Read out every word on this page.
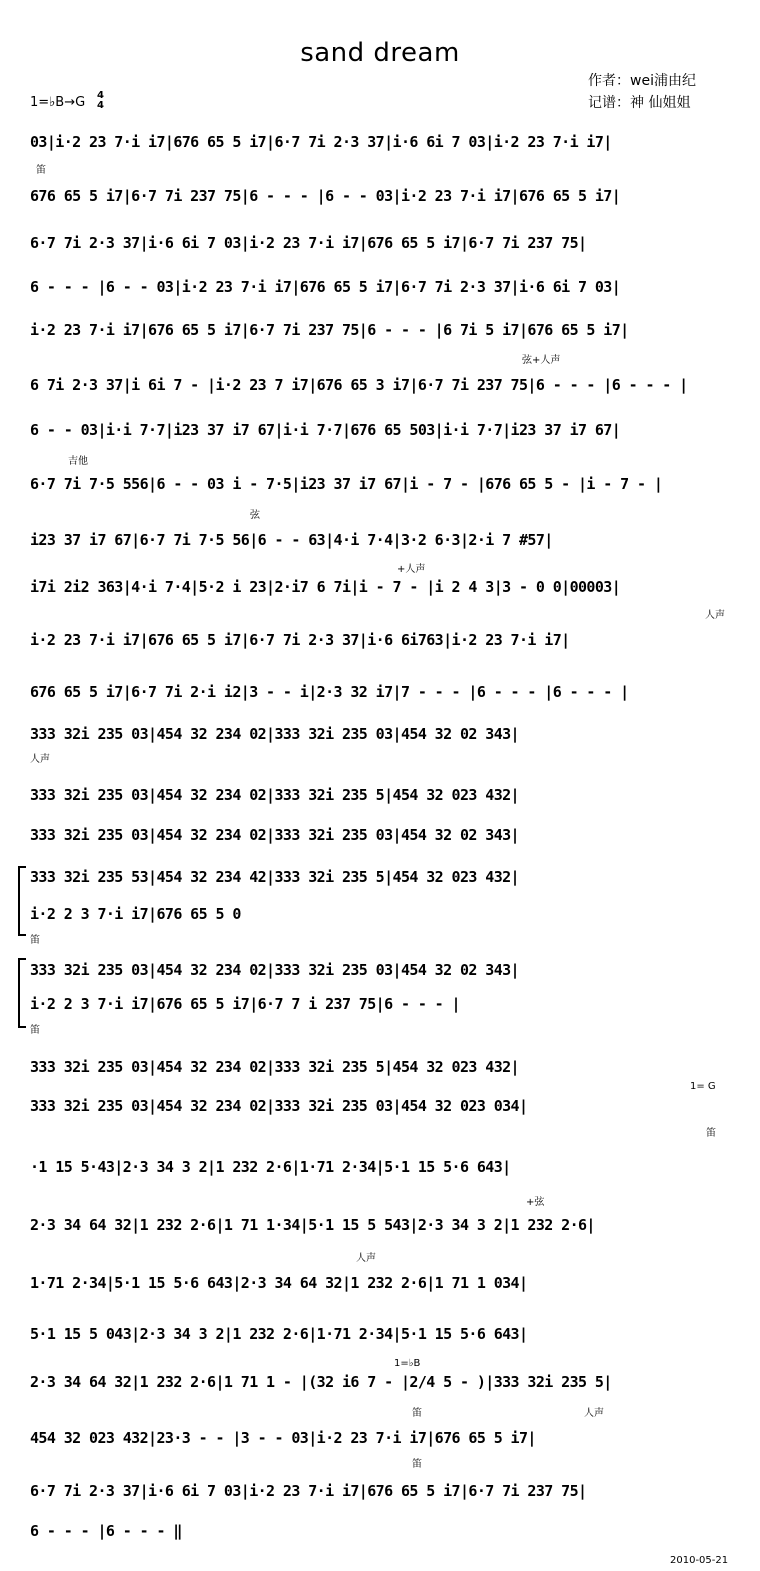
sand dream
作者：wei浦由纪
记谱：神 仙姐姐
1=♭B→G 4
4
03|i·2 23 7·i i7|676 65 5 i7|6·7 7i 2·3 37|i·6 6i 7 03|i·2 23 7·i i7|
676 65 5 i7|6·7 7i 237 75|6 - - - |6 - - 03|i·2 23 7·i i7|676 65 5 i7|
6·7 7i 2·3 37|i·6 6i 7 03|i·2 23 7·i i7|676 65 5 i7|6·7 7i 237 75|
6 - - - |6 - - 03|i·2 23 7·i i7|676 65 5 i7|6·7 7i 2·3 37|i·6 6i 7 03|
i·2 23 7·i i7|676 65 5 i7|6·7 7i 237 75|6 - - - |6 7i 5 i7|676 65 5 i7|
6 7i 2·3 37|i 6i 7 - |i·2 23 7 i7|676 65 3 i7|6·7 7i 237 75|6 - - - |6 - - - |
6 - - 03|i·i 7·7|i23 37 i7 67|i·i 7·7|676 65 503|i·i 7·7|i23 37 i7 67|
6·7 7i 7·5 556|6 - - 03 i - 7·5|i23 37 i7 67|i - 7 - |676 65 5 - |i - 7 - |
i23 37 i7 67|6·7 7i 7·5 56|6 - - 63|4·i 7·4|3·2 6·3|2·i 7 #57|
i7i 2i2 363|4·i 7·4|5·2 i 23|2·i7 6 7i|i - 7 - |i 2 4 3|3 - 0 0|00003|
i·2 23 7·i i7|676 65 5 i7|6·7 7i 2·3 37|i·6 6i763|i·2 23 7·i i7|
676 65 5 i7|6·7 7i 2·i i2|3 - - i|2·3 32 i7|7 - - - |6 - - - |6 - - - |
333 32i 235 03|454 32 234 02|333 32i 235 03|454 32 02 343|
333 32i 235 03|454 32 234 02|333 32i 235 5|454 32 023 432|
333 32i 235 03|454 32 234 02|333 32i 235 03|454 32 02 343|
333 32i 235 53|454 32 234 42|333 32i 235 5|454 32 023 432|
i·2 2 3 7·i i7|676 65 5 0
333 32i 235 03|454 32 234 02|333 32i 235 03|454 32 02 343|
i·2 2 3 7·i i7|676 65 5 i7|6·7 7 i 237 75|6 - - - |
333 32i 235 03|454 32 234 02|333 32i 235 5|454 32 023 432|
333 32i 235 03|454 32 234 02|333 32i 235 03|454 32 023 034|
·1 15 5·43|2·3 34 3 2|1 232 2·6|1·71 2·34|5·1 15 5·6 643|
2·3 34 64 32|1 232 2·6|1 71 1·34|5·1 15 5 543|2·3 34 3 2|1 232 2·6|
1·71 2·34|5·1 15 5·6 643|2·3 34 64 32|1 232 2·6|1 71 1 034|
5·1 15 5 043|2·3 34 3 2|1 232 2·6|1·71 2·34|5·1 15 5·6 643|
2·3 34 64 32|1 232 2·6|1 71 1 - |(32 i6 7 - |2/4 5 - )|333 32i 235 5|
454 32 023 432|23·3 - - |3 - - 03|i·2 23 7·i i7|676 65 5 i7|
6·7 7i 2·3 37|i·6 6i 7 03|i·2 23 7·i i7|676 65 5 i7|6·7 7i 237 75|
6 - - - |6 - - - ‖
笛
弦+人声
吉他
弦
+人声
人声
人声
笛
笛
1= G
笛
+弦
人声
1=♭B
笛	人声
笛
2010-05-21
